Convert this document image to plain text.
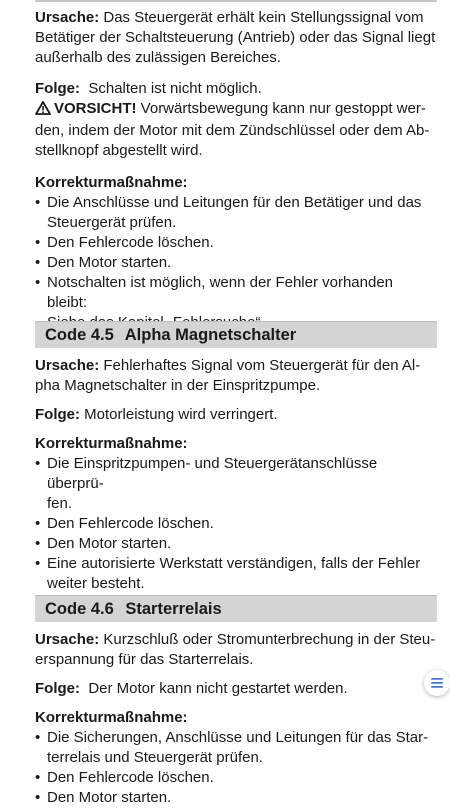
Ursache: Das Steuergerät erhält kein Stellungssignal vom
Betätiger der Schaltsteuerung (Antrieb) oder das Signal liegt
außerhalb des zulässigen Bereiches.

Folge: Schalten ist nicht möglich.

VORSICHT! Vorwärtsbewegung kann nur gestoppt wer-
den, indem der Motor mit dem Zündschlüssel oder dem Ab-
stellknopf abgestellt wird.

Korrekturmaßnahme:

• Die Anschlüsse und Leitungen für den Betätiger und das
Steuergerät prüfen.
• Den Fehlercode löschen.
• Den Motor starten.
• Notschalten ist möglich, wenn der Fehler vorhanden bleibt:

Code 4.5 Alpha Magnetschalter

Ursache: Fehlerhaftes Signal vom Steuergerät für den Al-
pha Magnetschalter in der Einspritzpumpe.

Folge: Motorleistung wird verringert.

Korrekturmaßnahme:

• Die Einspritzpumpen- und Steuergerätanschlüsse überprü-
fen.
• Den Fehlercode löschen.
• Den Motor starten.
• Eine autorisierte Werkstatt verständigen, falls der Fehler
weiter besteht.
Code 4.6 Starterrelais

Ursache: Kurzschluß oder Stromunterbrechung in der Steu-
erspannung für das Starterrelais.

Folge: Der Motor kann nicht gestartet werden.

Korrekturmaßnahme:

• Die Sicherungen, Anschlüsse und Leitungen für das Star-
terrelais und Steuergerät prüfen.
• Den Fehlercode löschen.
• Den Motor starten.
